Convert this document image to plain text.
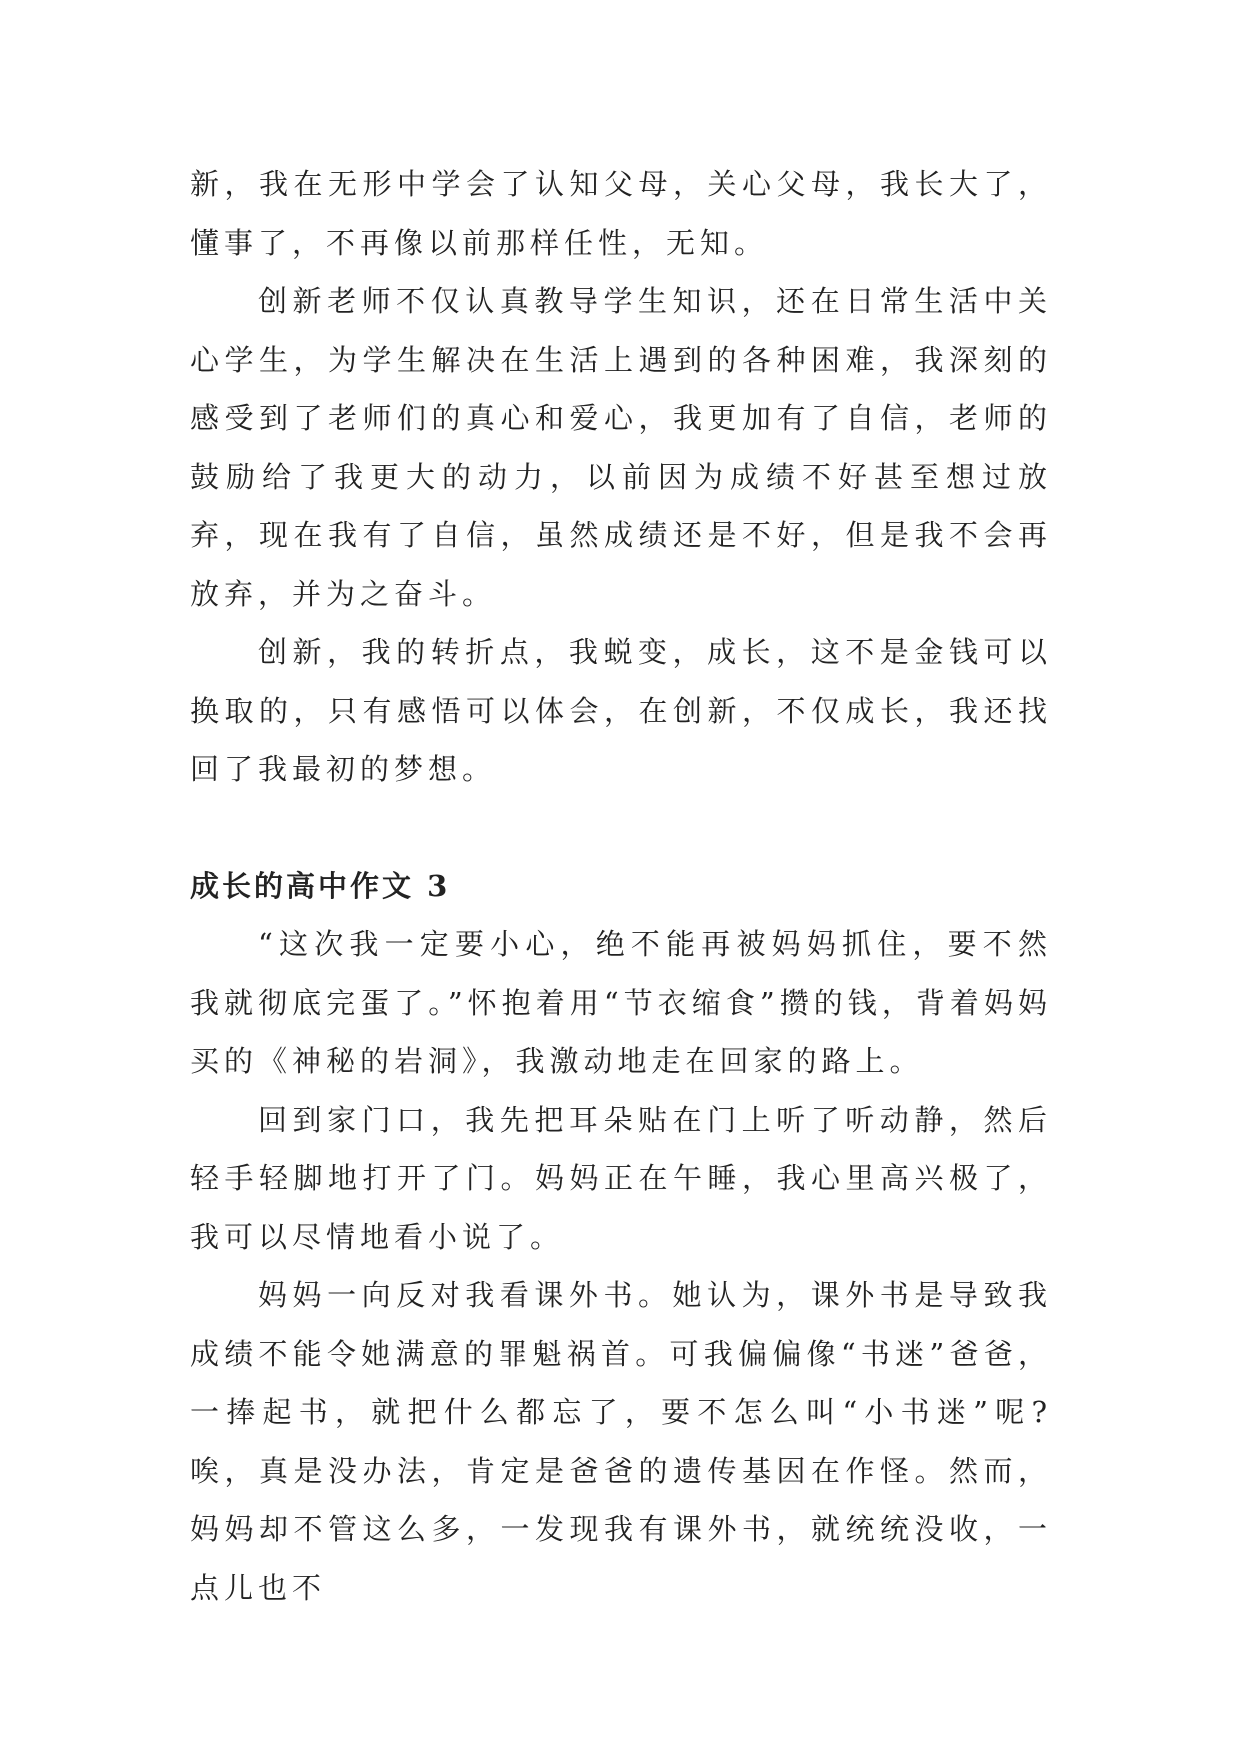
新，我在无形中学会了认知父母，关心父母，我长大了，懂事了，不再像以前那样任性，无知。

创新老师不仅认真教导学生知识，还在日常生活中关心学生，为学生解决在生活上遇到的各种困难，我深刻的感受到了老师们的真心和爱心，我更加有了自信，老师的鼓励给了我更大的动力，以前因为成绩不好甚至想过放弃，现在我有了自信，虽然成绩还是不好，但是我不会再放弃，并为之奋斗。

创新，我的转折点，我蜕变，成长，这不是金钱可以换取的，只有感悟可以体会，在创新，不仅成长，我还找回了我最初的梦想。

成长的高中作文 3

“这次我一定要小心，绝不能再被妈妈抓住，要不然我就彻底完蛋了。”怀抱着用“节衣缩食”攒的钱，背着妈妈买的《神秘的岩洞》，我激动地走在回家的路上。

回到家门口，我先把耳朵贴在门上听了听动静，然后轻手轻脚地打开了门。妈妈正在午睡，我心里高兴极了，我可以尽情地看小说了。

妈妈一向反对我看课外书。她认为，课外书是导致我成绩不能令她满意的罪魁祸首。可我偏偏像“书迷”爸爸，一捧起书，就把什么都忘了，要不怎么叫“小书迷”呢?唉，真是没办法，肯定是爸爸的遗传基因在作怪。然而，妈妈却不管这么多，一发现我有课外书，就统统没收，一点儿也不
